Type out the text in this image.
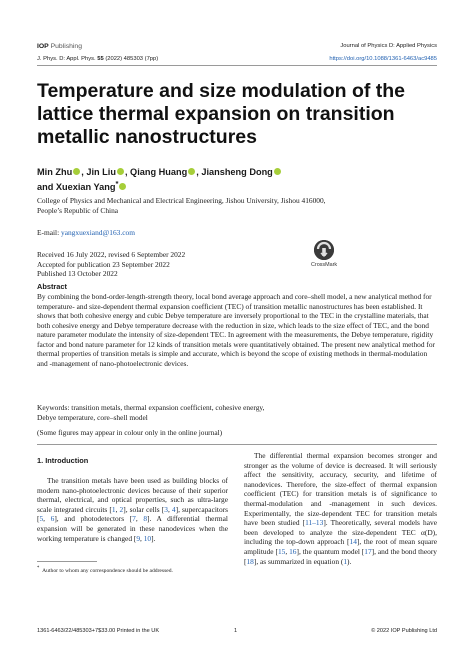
IOP Publishing	Journal of Physics D: Applied Physics
J. Phys. D: Appl. Phys. 55 (2022) 485303 (7pp)	https://doi.org/10.1088/1361-6463/ac9485
Temperature and size modulation of the lattice thermal expansion on transition metallic nanostructures
Min Zhu , Jin Liu , Qiang Huang , Jiansheng Dong
and Xuexian Yang*
College of Physics and Mechanical and Electrical Engineering, Jishou University, Jishou 416000,
People’s Republic of China
E-mail: yangxuexiand@163.com
Received 16 July 2022, revised 6 September 2022
Accepted for publication 23 September 2022
Published 13 October 2022
CrossMark
Abstract
By combining the bond-order-length-strength theory, local bond average approach and core–shell model, a new analytical method for temperature- and size-dependent thermal expansion coefficient (TEC) of transition metallic nanostructures has been established. It shows that both cohesive energy and cubic Debye temperature are inversely proportional to the TEC in the crystalline materials, that both cohesive energy and Debye temperature decrease with the reduction in size, which leads to the size effect of TEC, and the bond nature parameter modulate the intensity of size-dependent TEC. In agreement with the measurements, the Debye temperature, rigidity factor and bond nature parameter for 12 kinds of transition metals were quantitatively obtained. The present new analytical method for thermal properties of transition metals is simple and accurate, which is beyond the scope of existing methods in thermal-modulation and -management of nano-photoelectronic devices.
Keywords: transition metals, thermal expansion coefficient, cohesive energy,
Debye temperature, core–shell model
(Some figures may appear in colour only in the online journal)
1. Introduction

The transition metals have been used as building blocks of modern nano-photoelectronic devices because of their superior thermal, electrical, and optical properties, such as ultra-large scale integrated circuits [1, 2], solar cells [3, 4], supercapacitors [5, 6], and photodetectors [7, 8]. A differential thermal expansion will be generated in these nanodevices when the working temperature is changed [9, 10].

* Author to whom any correspondence should be addressed.

The differential thermal expansion becomes stronger and stronger as the volume of device is decreased. It will seriously affect the sensitivity, accuracy, security, and lifetime of nanodevices. Therefore, the size-effect of thermal expansion coefficient (TEC) for transition metals is of significance to thermal-modulation and -management in such devices. Experimentally, the size-dependent TEC for transition metals have been studied [11–13]. Theoretically, several models have been developed to analyze the size-dependent TEC α(D), including the top-down approach [14], the root of mean square amplitude [15, 16], the quantum model [17], and the bond theory [18], as summarized in equation (1).

1361-6463/22/485303+7$33.00 Printed in the UK	1	© 2022 IOP Publishing Ltd
